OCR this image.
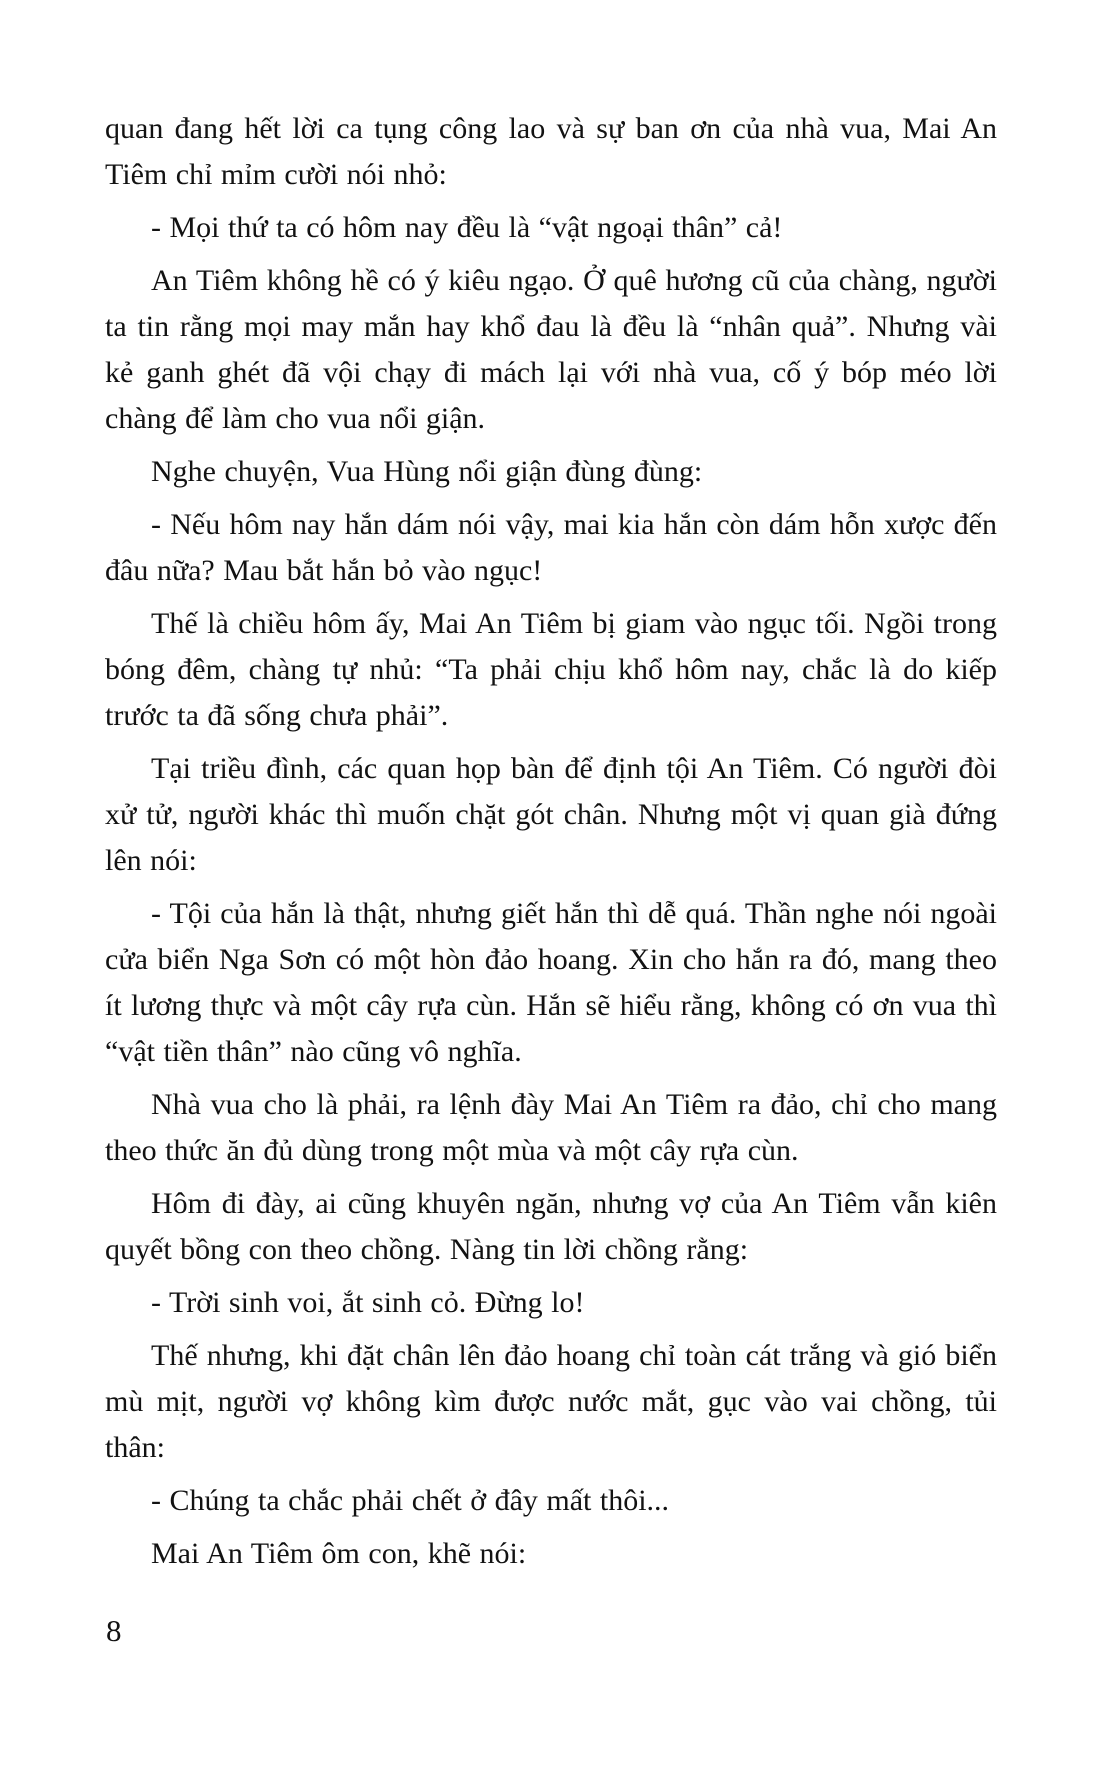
quan đang hết lời ca tụng công lao và sự ban ơn của nhà vua, Mai An Tiêm chỉ mỉm cười nói nhỏ:

- Mọi thứ ta có hôm nay đều là “vật ngoại thân” cả!

An Tiêm không hề có ý kiêu ngạo. Ở quê hương cũ của chàng, người ta tin rằng mọi may mắn hay khổ đau là đều là “nhân quả”. Nhưng vài kẻ ganh ghét đã vội chạy đi mách lại với nhà vua, cố ý bóp méo lời chàng để làm cho vua nổi giận.

Nghe chuyện, Vua Hùng nổi giận đùng đùng:

- Nếu hôm nay hắn dám nói vậy, mai kia hắn còn dám hỗn xược đến đâu nữa? Mau bắt hắn bỏ vào ngục!

Thế là chiều hôm ấy, Mai An Tiêm bị giam vào ngục tối. Ngồi trong bóng đêm, chàng tự nhủ: “Ta phải chịu khổ hôm nay, chắc là do kiếp trước ta đã sống chưa phải”.

Tại triều đình, các quan họp bàn để định tội An Tiêm. Có người đòi xử tử, người khác thì muốn chặt gót chân. Nhưng một vị quan già đứng lên nói:

- Tội của hắn là thật, nhưng giết hắn thì dễ quá. Thần nghe nói ngoài cửa biển Nga Sơn có một hòn đảo hoang. Xin cho hắn ra đó, mang theo ít lương thực và một cây rựa cùn. Hắn sẽ hiểu rằng, không có ơn vua thì “vật tiền thân” nào cũng vô nghĩa.

Nhà vua cho là phải, ra lệnh đày Mai An Tiêm ra đảo, chỉ cho mang theo thức ăn đủ dùng trong một mùa và một cây rựa cùn.

Hôm đi đày, ai cũng khuyên ngăn, nhưng vợ của An Tiêm vẫn kiên quyết bồng con theo chồng. Nàng tin lời chồng rằng:

- Trời sinh voi, ắt sinh cỏ. Đừng lo!

Thế nhưng, khi đặt chân lên đảo hoang chỉ toàn cát trắng và gió biển mù mịt, người vợ không kìm được nước mắt, gục vào vai chồng, tủi thân:

- Chúng ta chắc phải chết ở đây mất thôi...

Mai An Tiêm ôm con, khẽ nói:

8
